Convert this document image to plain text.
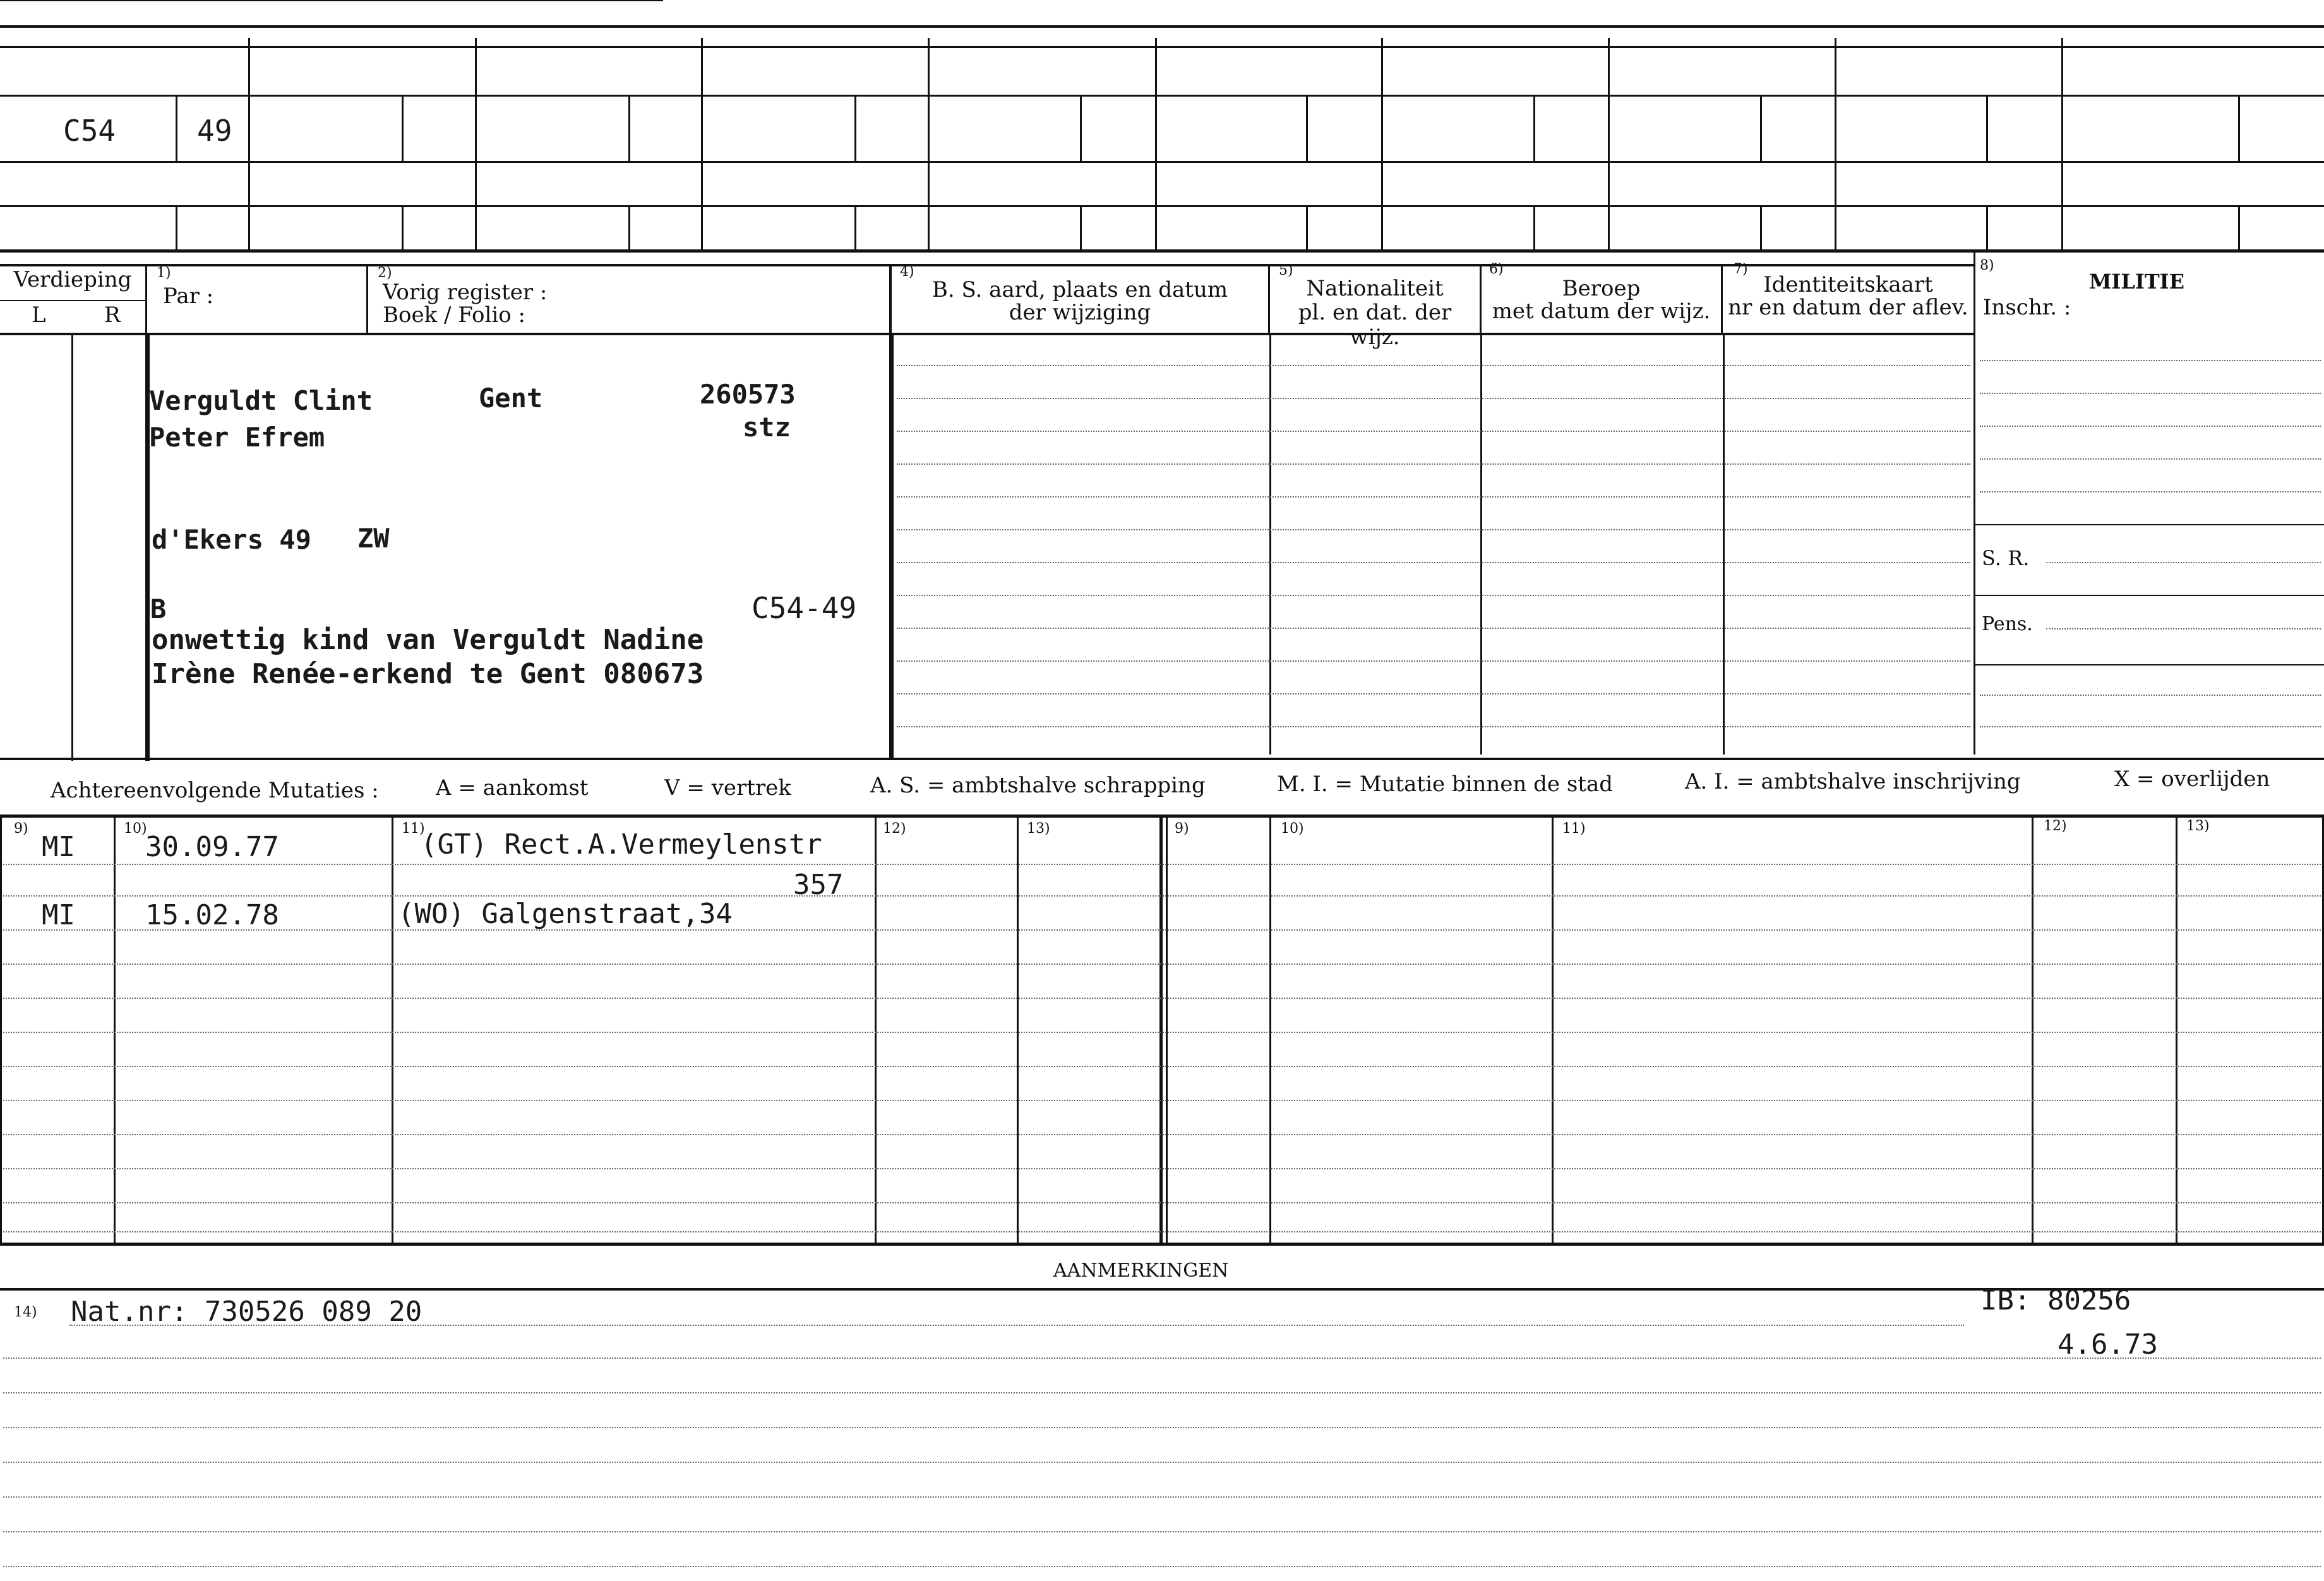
C54	49
Verdieping
L	R
1)
Par :
2)
Vorig register :
Boek / Folio :
4)
B. S. aard, plaats en datum
der wijziging
5)
Nationaliteit
pl. en dat. der wijz.
6)
Beroep
met datum der wijz.
7)
Identiteitskaart
nr en datum der aflev.
8)
MILITIE
Inschr. :
S. R.
Pens.
Verguldt Clint
Peter Efrem
Gent	260573
stz
d'Ekers 49 ZW
B	C54-49
onwettig kind van Verguldt Nadine
Irène Renée-erkend te Gent 080673
Achtereenvolgende Mutaties :	A = aankomst	V = vertrek	A. S. = ambtshalve schrapping	M. I. = Mutatie binnen de stad	A. I. = ambtshalve inschrijving	X = overlijden
9)	10)	11)	12)	13)	9)	10)	11)	12)	13)
MI	30.09.77	(GT) Rect.A.Vermeylenstr
357
MI	15.02.78	(WO) Galgenstraat,34
AANMERKINGEN
14) Nat.nr: 730526 089 20	IB: 80256
4.6.73
